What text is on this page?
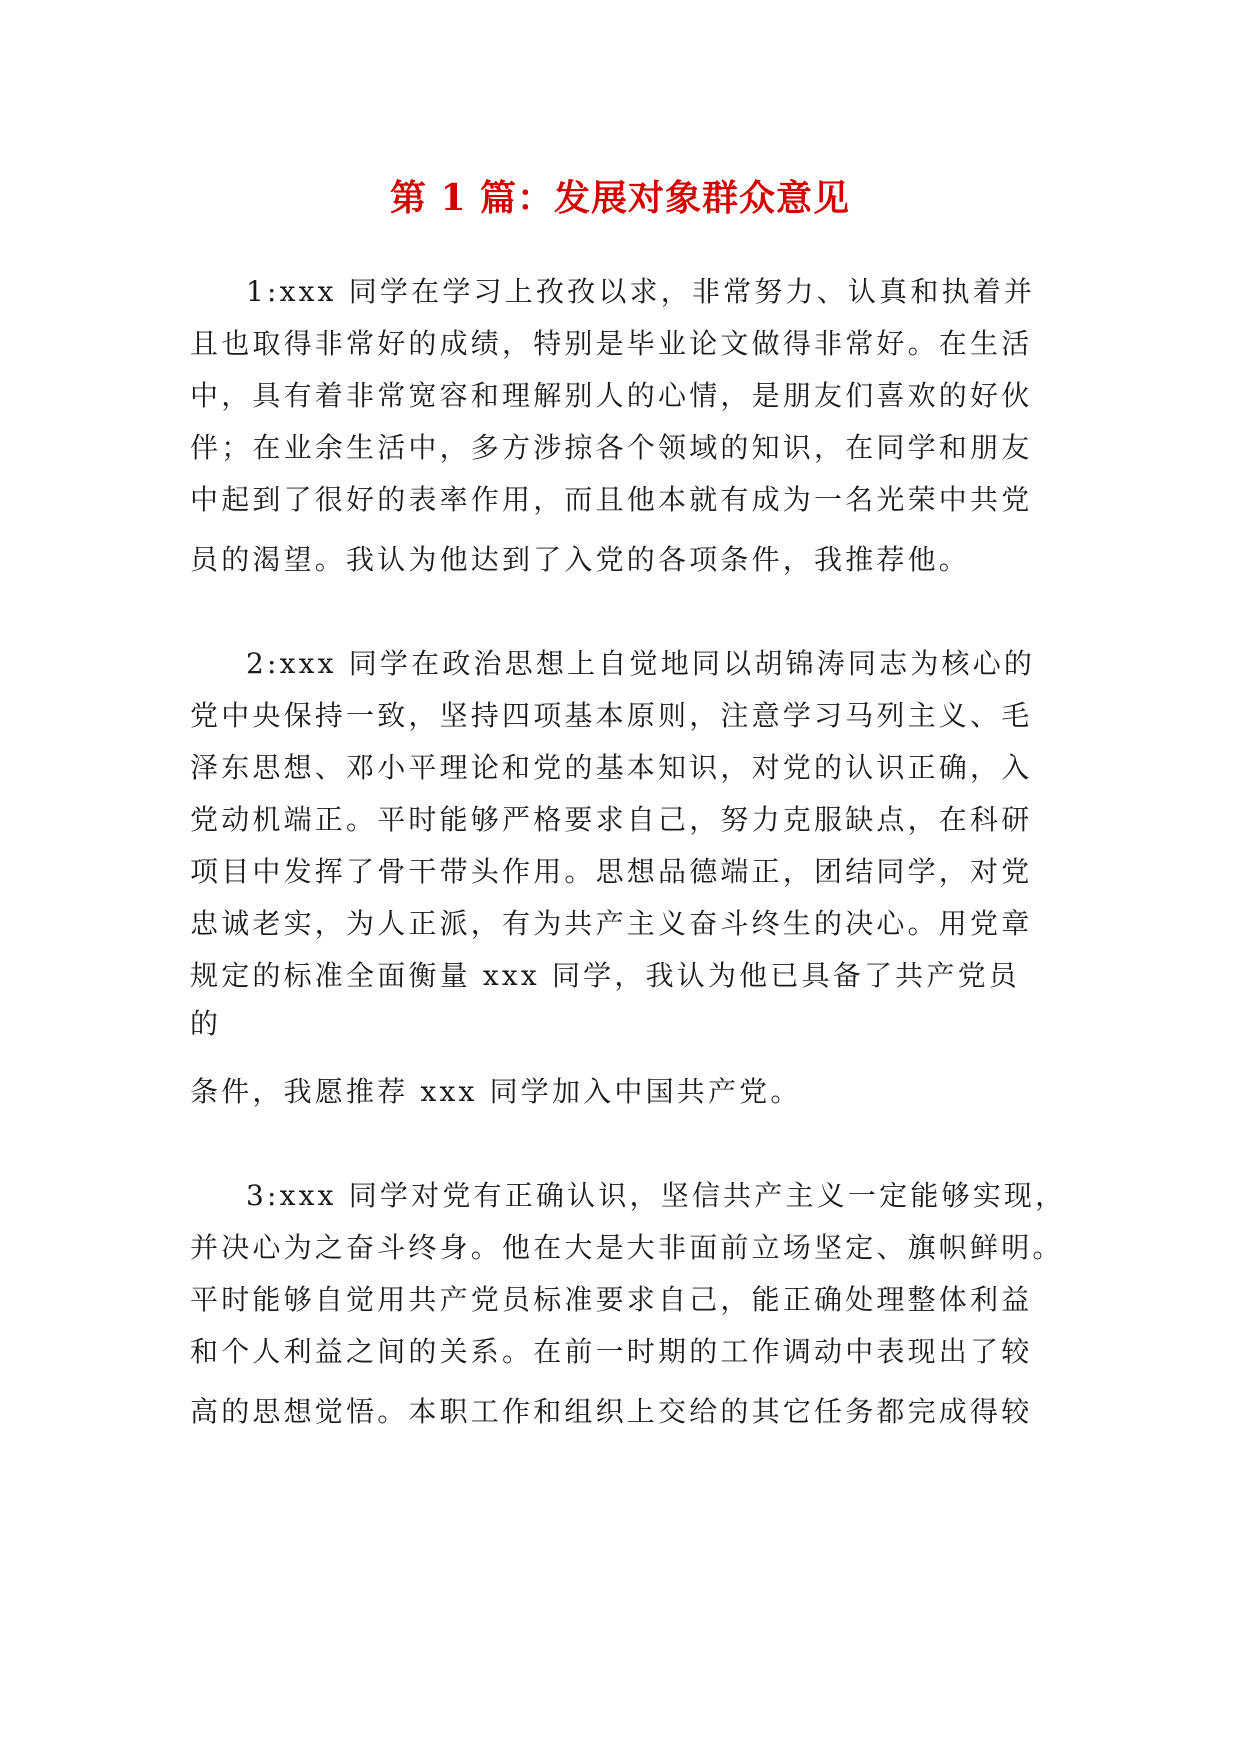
第 1 篇：发展对象群众意见
1:xxx 同学在学习上孜孜以求，非常努力、认真和执着并
且也取得非常好的成绩，特别是毕业论文做得非常好。在生活
中，具有着非常宽容和理解别人的心情，是朋友们喜欢的好伙
伴；在业余生活中，多方涉掠各个领域的知识，在同学和朋友
中起到了很好的表率作用，而且他本就有成为一名光荣中共党
员的渴望。我认为他达到了入党的各项条件，我推荐他。
2:xxx 同学在政治思想上自觉地同以胡锦涛同志为核心的
党中央保持一致，坚持四项基本原则，注意学习马列主义、毛
泽东思想、邓小平理论和党的基本知识，对党的认识正确，入
党动机端正。平时能够严格要求自己，努力克服缺点，在科研
项目中发挥了骨干带头作用。思想品德端正，团结同学，对党
忠诚老实，为人正派，有为共产主义奋斗终生的决心。用党章
规定的标准全面衡量 xxx 同学，我认为他已具备了共产党员
的
条件，我愿推荐 xxx 同学加入中国共产党。
3:xxx 同学对党有正确认识，坚信共产主义一定能够实现，
并决心为之奋斗终身。他在大是大非面前立场坚定、旗帜鲜明。
平时能够自觉用共产党员标准要求自己，能正确处理整体利益
和个人利益之间的关系。在前一时期的工作调动中表现出了较
高的思想觉悟。本职工作和组织上交给的其它任务都完成得较
